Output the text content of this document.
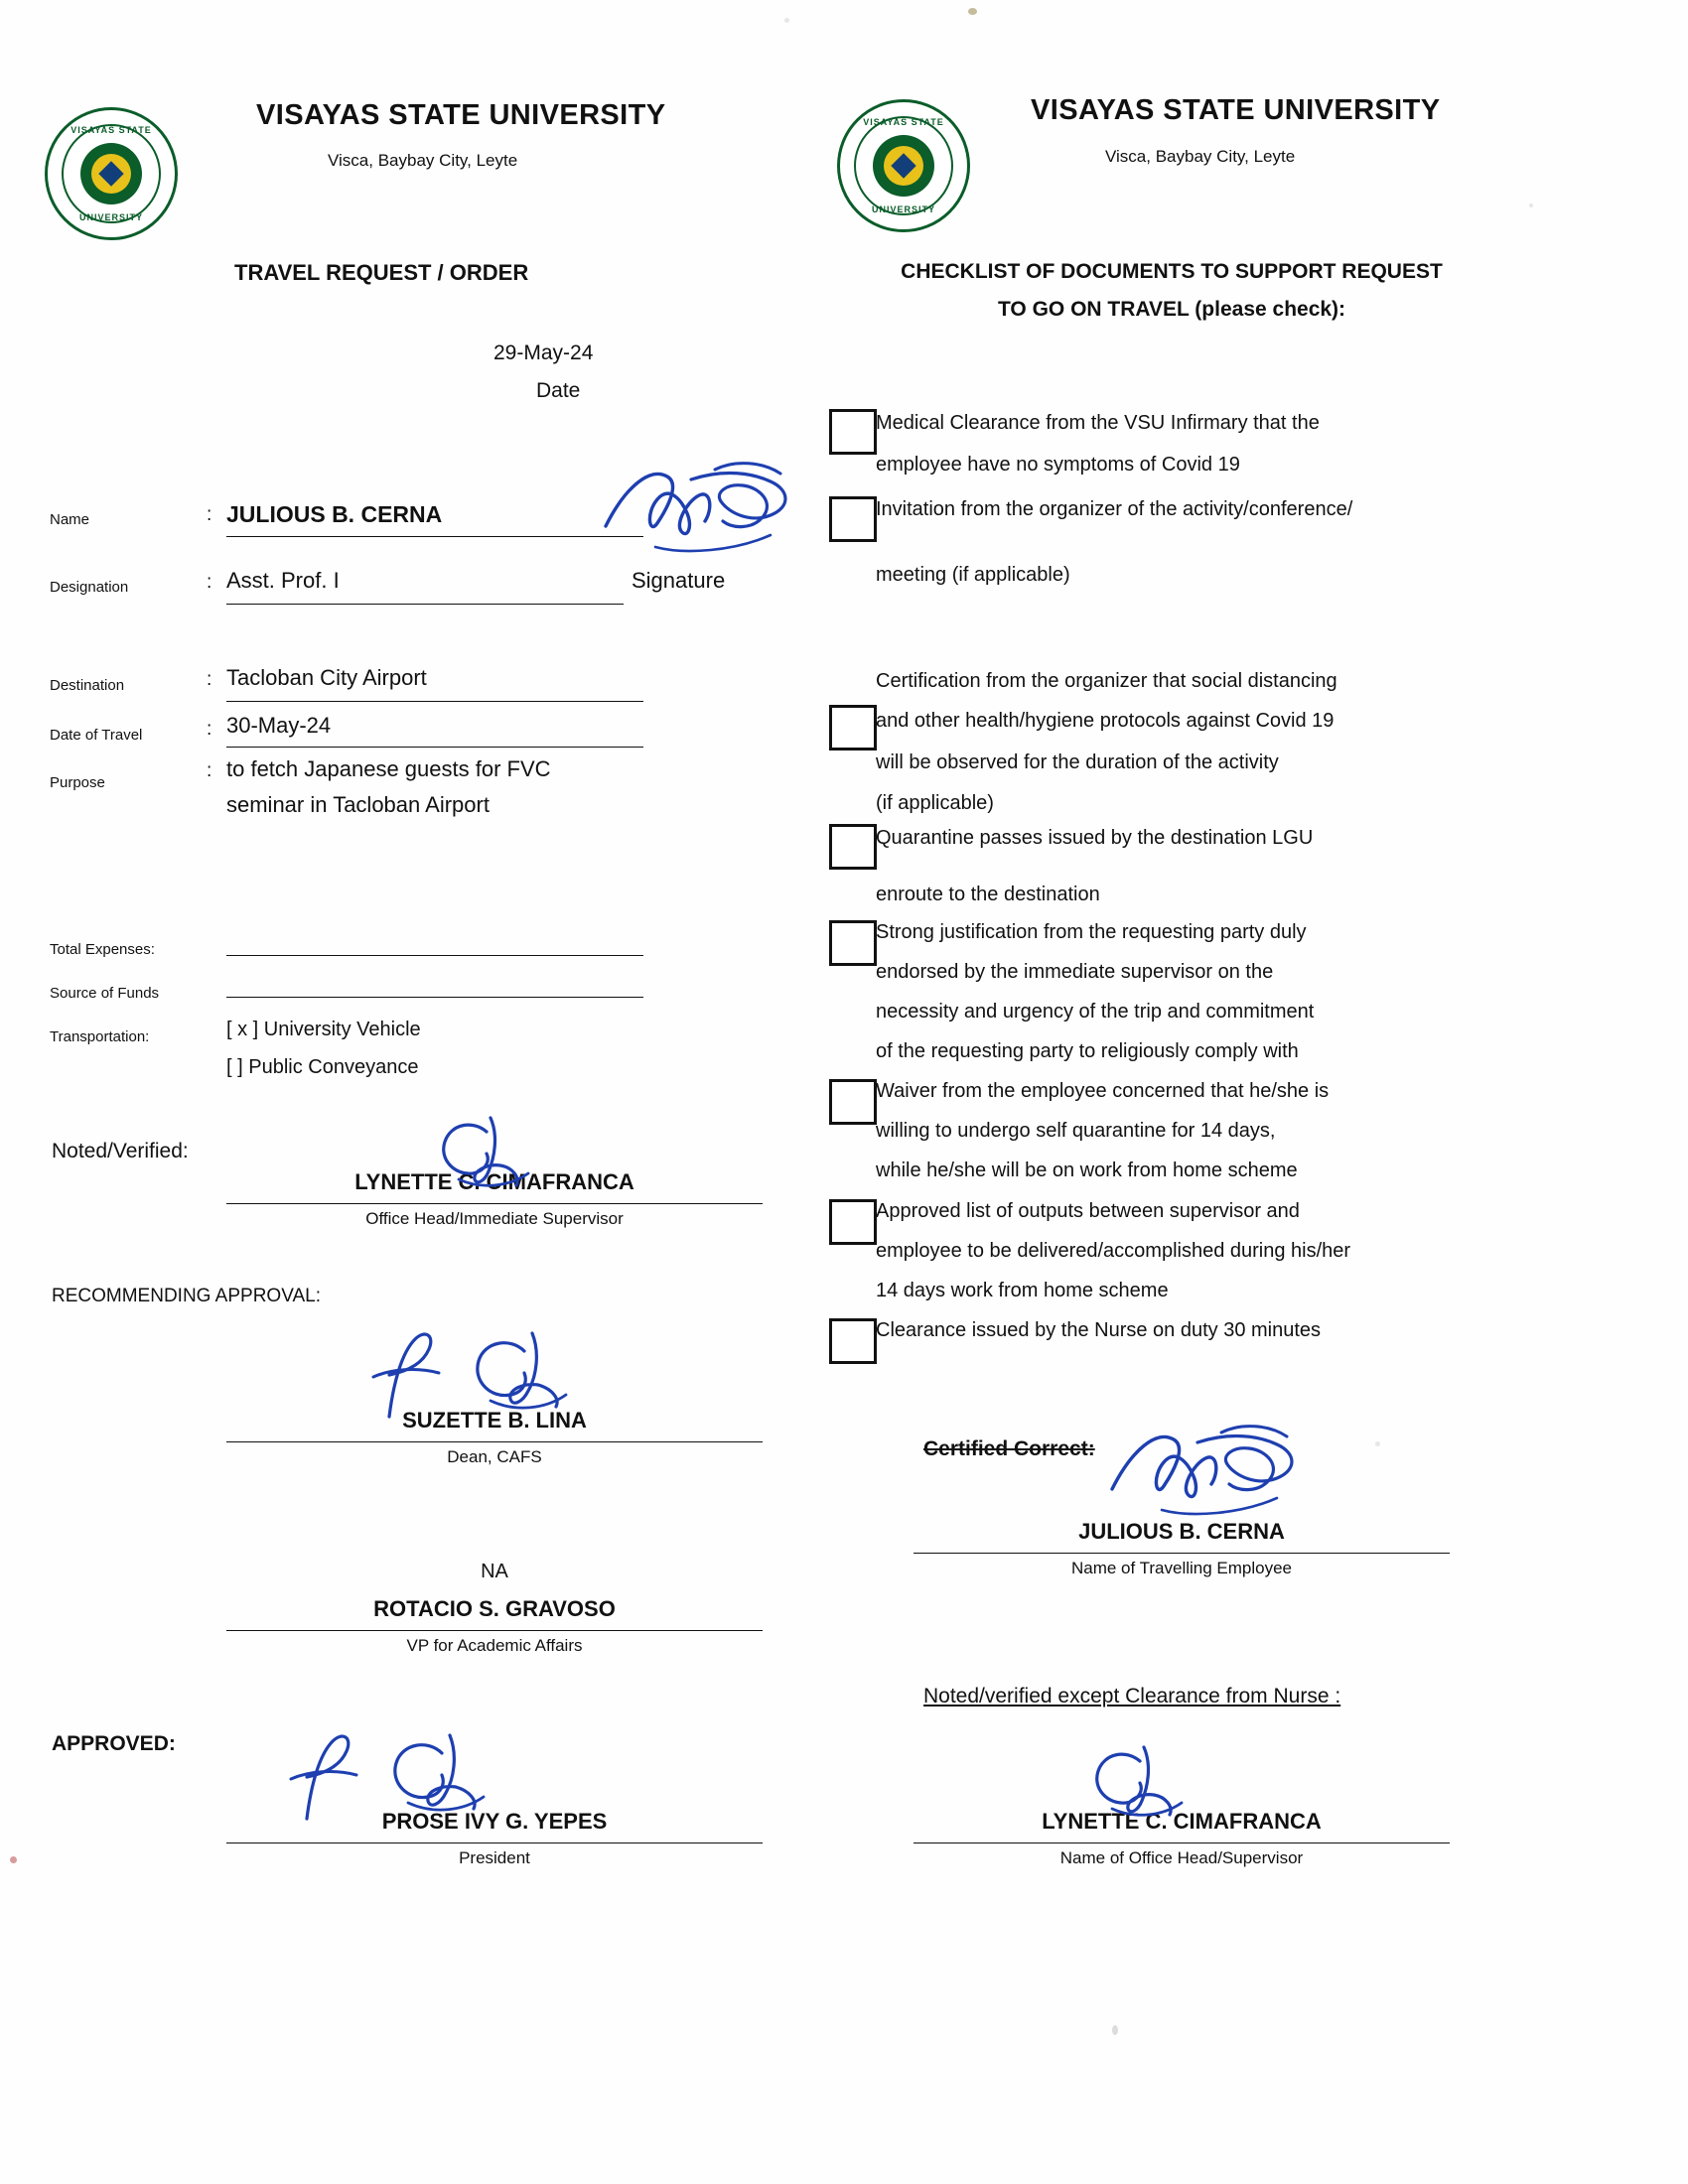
VISAYAS STATE
UNIVERSITY
VISAYAS STATE
UNIVERSITY
VISAYAS STATE UNIVERSITY
Visca, Baybay City, Leyte
VISAYAS STATE UNIVERSITY
Visca, Baybay City, Leyte
TRAVEL REQUEST / ORDER	CHECKLIST OF DOCUMENTS TO SUPPORT REQUEST
TO GO ON TRAVEL (please check):
29-May-24
Date
Name	: JULIOUS B. CERNA
Designation	: Asst. Prof. I	Signature
Destination	: Tacloban City Airport
Date of Travel	: 30-May-24
Purpose
: to fetch Japanese guests for FVC
seminar in Tacloban Airport
Total Expenses:
Source of Funds
Transportation:	[ x ] University Vehicle
[ ] Public Conveyance
Noted/Verified:
LYNETTE C. CIMAFRANCA
Office Head/Immediate Supervisor
RECOMMENDING APPROVAL:
SUZETTE B. LINA
Dean, CAFS
NA
ROTACIO S. GRAVOSO
VP for Academic Affairs
APPROVED:
PROSE IVY G. YEPES
President
Medical Clearance from the VSU Infirmary that the
employee have no symptoms of Covid 19
Invitation from the organizer of the activity/conference/
meeting (if applicable)
Certification from the organizer that social distancing
and other health/hygiene protocols against Covid 19
will be observed for the duration of the activity
(if applicable)
Quarantine passes issued by the destination LGU
enroute to the destination
Strong justification from the requesting party duly
endorsed by the immediate supervisor on the
necessity and urgency of the trip and commitment
of the requesting party to religiously comply with
Waiver from the employee concerned that he/she is
willing to undergo self quarantine for 14 days,
while he/she will be on work from home scheme
Approved list of outputs between supervisor and
employee to be delivered/accomplished during his/her
14 days work from home scheme
Clearance issued by the Nurse on duty 30 minutes
Certified Correct:
JULIOUS B. CERNA
Name of Travelling Employee
Noted/verified except Clearance from Nurse :
LYNETTE C. CIMAFRANCA
Name of Office Head/Supervisor
